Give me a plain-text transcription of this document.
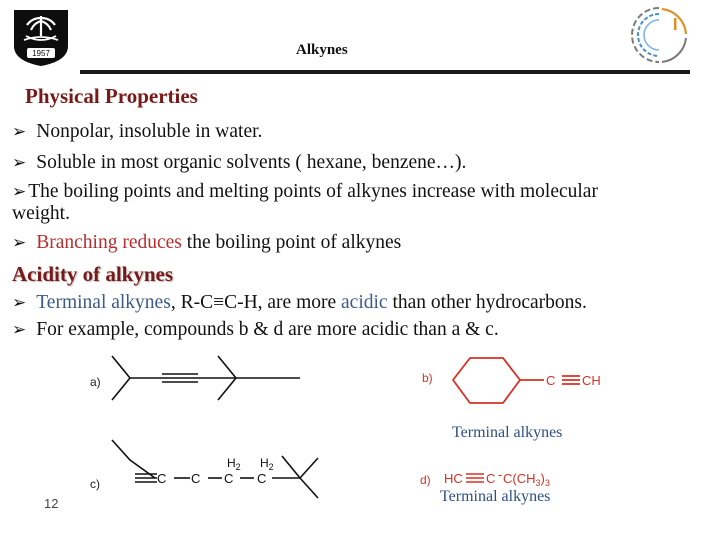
1957	Alkynes
Physical Properties
➢ Nonpolar, insoluble in water.
➢ Soluble in most organic solvents ( hexane, benzene…).
➢ The boiling points and melting points of alkynes increase with molecular
weight.
➢ Branching reduces the boiling point of alkynes
Acidity of alkynes
➢ Terminal alkynes, R-C≡C-H, are more acidic than other hydrocarbons.
➢ For example, compounds b & d are more acidic than a & c.
a)	b)	C CH
c)	C C C C
$H_2$ $H_2$
d) HC C - $C(CH_3)_3$
Terminal alkynes
Terminal alkynes
12
